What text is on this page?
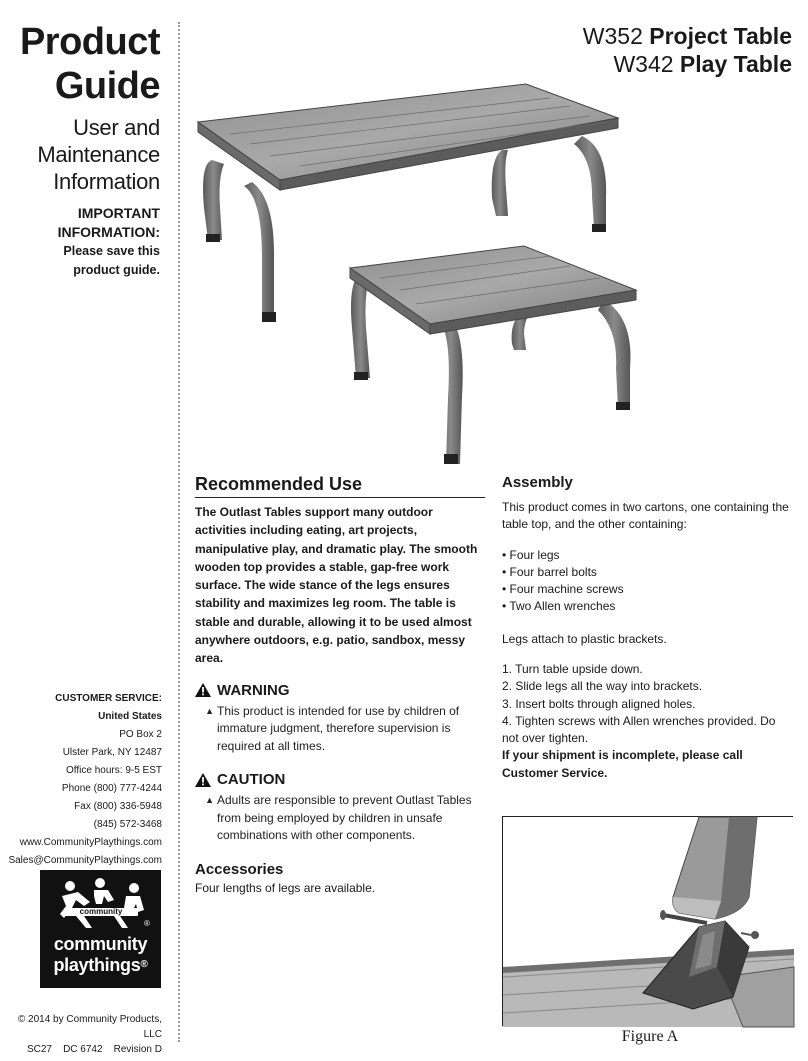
Product
Guide
User and
Maintenance
Information
IMPORTANT
INFORMATION:
Please save this
product guide.
CUSTOMER SERVICE:
United States
PO Box 2
Ulster Park, NY 12487
Office hours: 9-5 EST
Phone (800) 777-4244
Fax (800) 336-5948
(845) 572-3468
www.CommunityPlaythings.com
Sales@CommunityPlaythings.com
community
®
community
playthings®
© 2014 by Community Products, LLC
SC27    DC 6742    Revision D
W352 Project Table
W342 Play Table
Recommended Use

The Outlast Tables support many outdoor activities including eating, art projects, manipulative play, and dramatic play. The smooth wooden top provides a stable, gap-free work surface. The wide stance of the legs ensures stability and maximizes leg room. The table is stable and durable, allowing it to be used almost anywhere outdoors, e.g. patio, sandbox, messy area.

WARNING
▲ This product is intended for use by children of immature judgment, therefore supervision is required at all times.
CAUTION
▲ Adults are responsible to prevent Outlast Tables from being employed by children in unsafe combinations with other components.
Accessories
Four lengths of legs are available.
Assembly

This product comes in two cartons, one containing the table top, and the other containing:

• Four legs
• Four barrel bolts
• Four machine screws
• Two Allen wrenches

Legs attach to plastic brackets.

1. Turn table upside down.
2. Slide legs all the way into brackets.
3. Insert bolts through aligned holes.
4. Tighten screws with Allen wrenches provided. Do not over tighten.
If your shipment is incomplete, please call Customer Service.
Figure A
